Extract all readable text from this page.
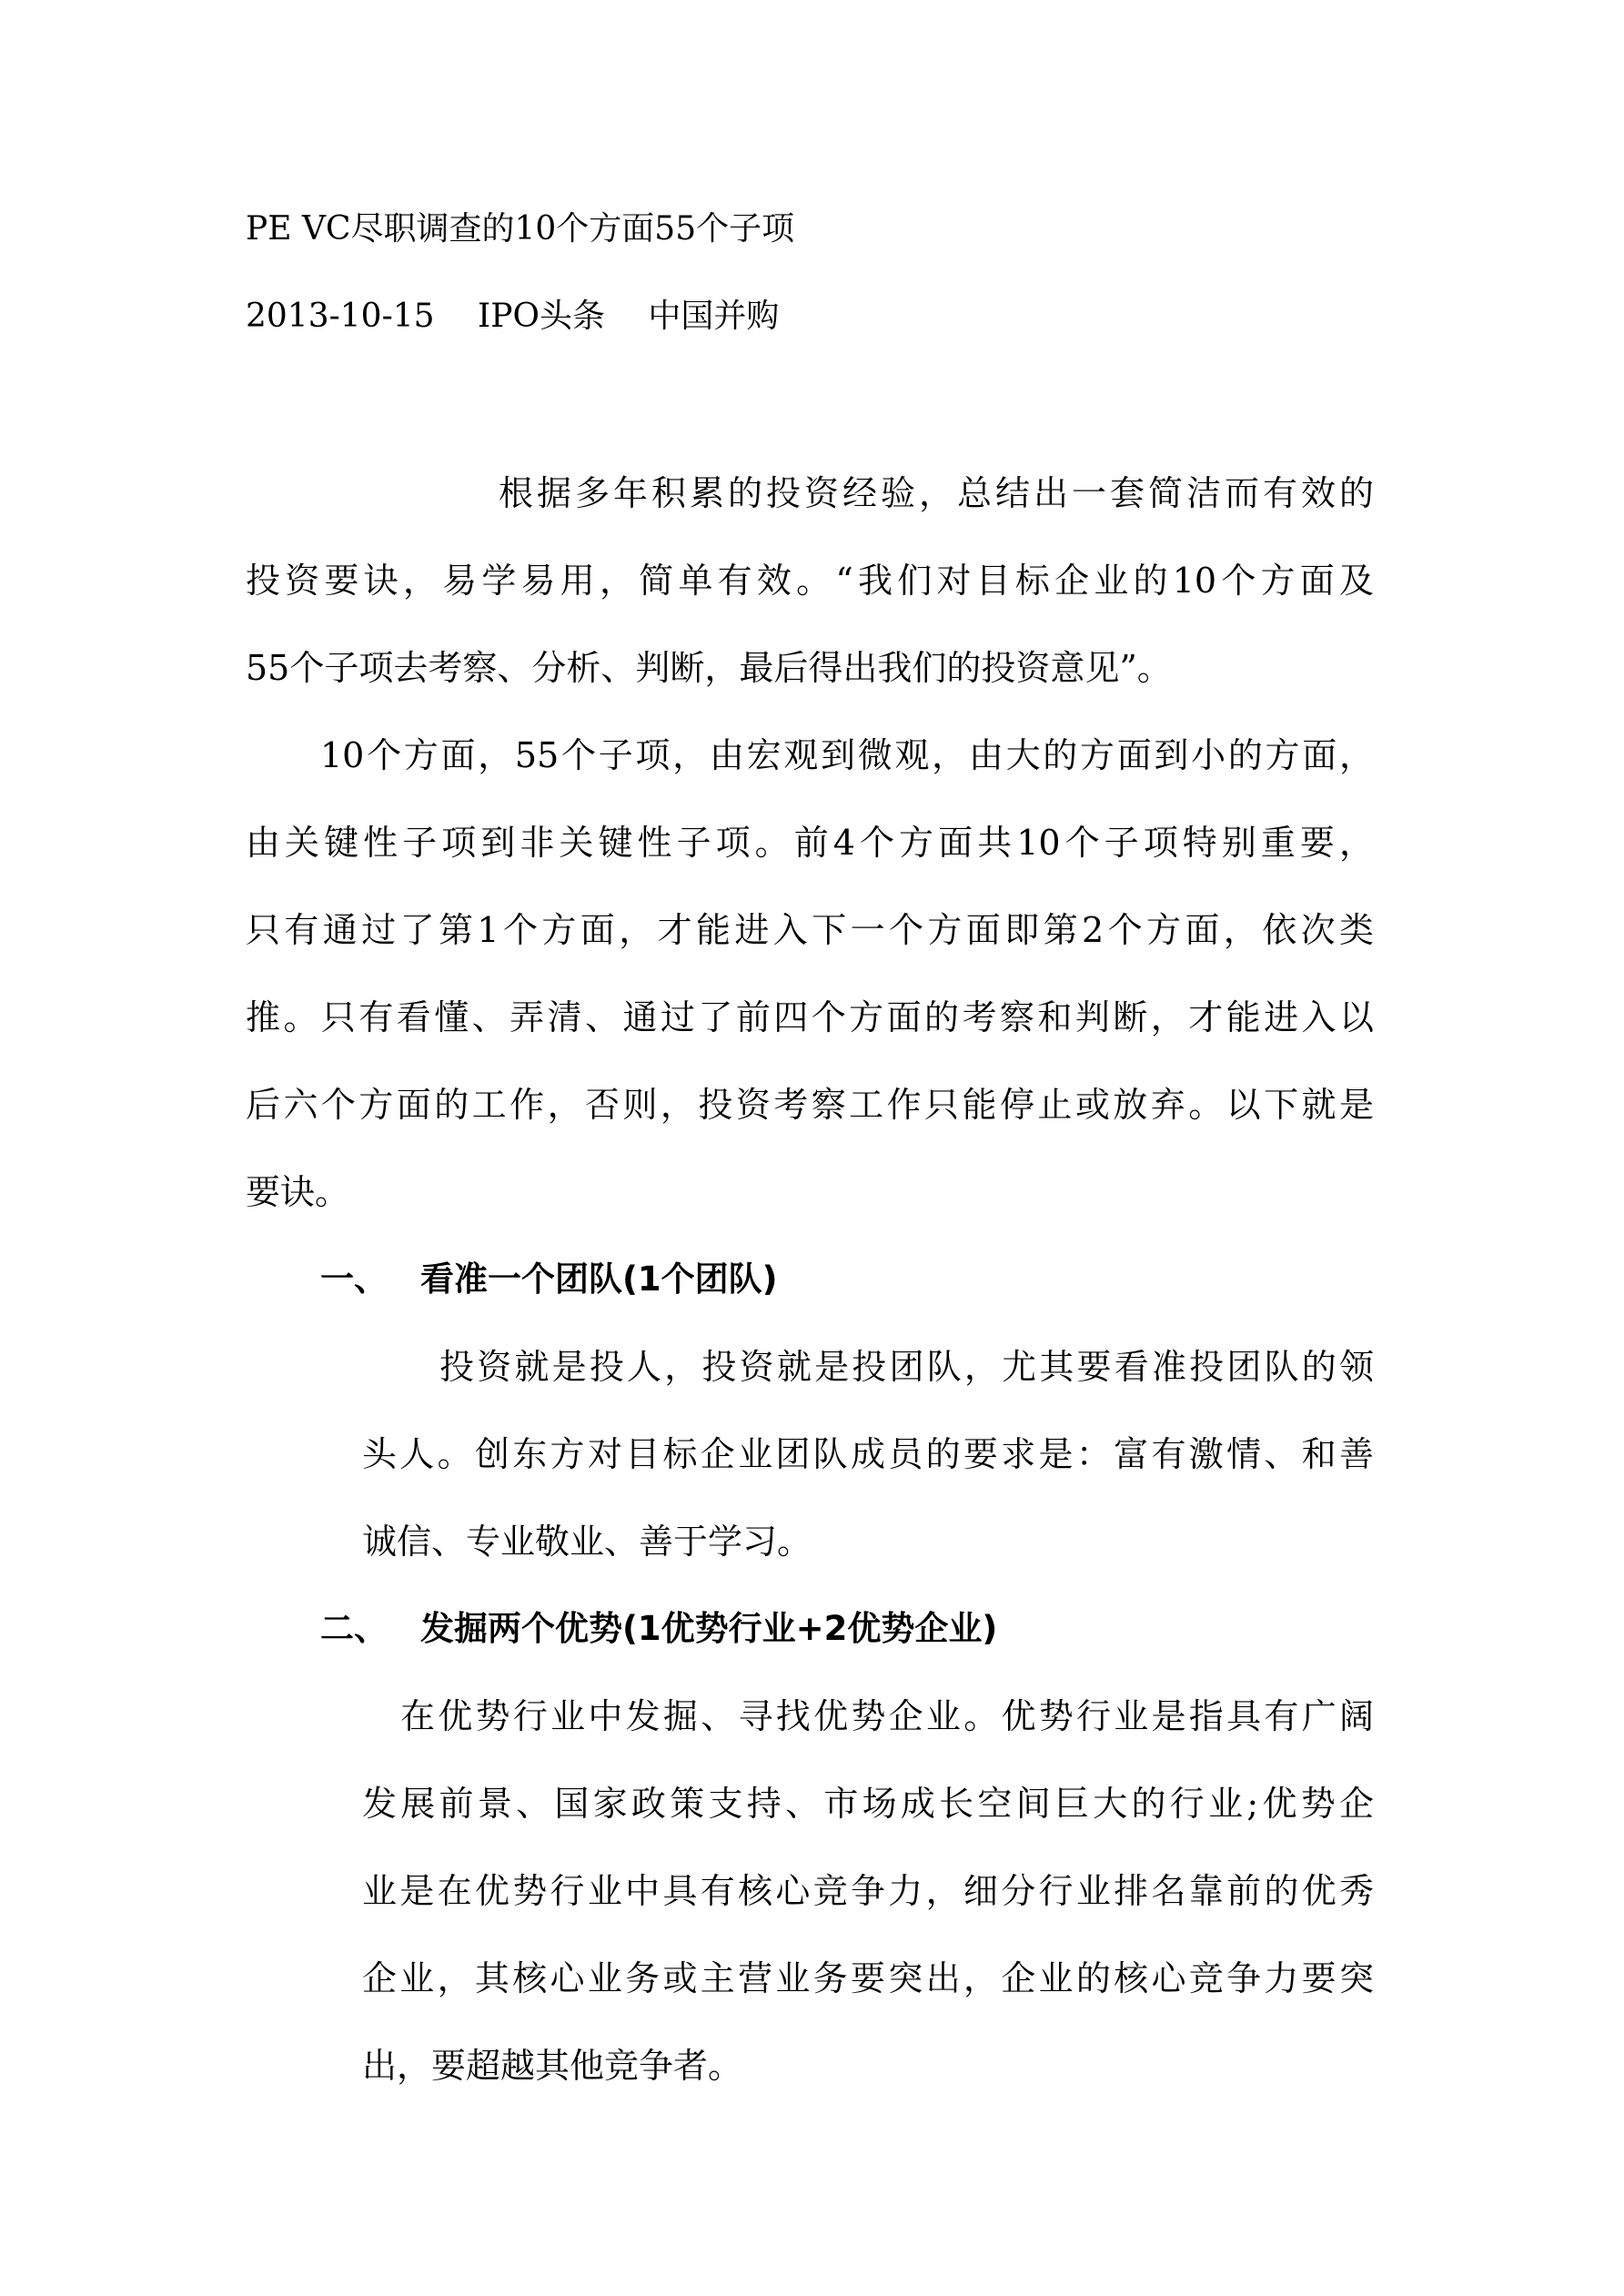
PE VC尽职调查的10个方面55个子项
2013-10-15　 IPO头条　 中国并购
根据多年积累的投资经验，总结出一套简洁而有效的
投资要诀，易学易用，简单有效。“我们对目标企业的10个方面及
55个子项去考察、分析、判断，最后得出我们的投资意见”。
10个方面，55个子项，由宏观到微观，由大的方面到小的方面，
由关键性子项到非关键性子项。前4个方面共10个子项特别重要，
只有通过了第1个方面，才能进入下一个方面即第2个方面，依次类
推。只有看懂、弄清、通过了前四个方面的考察和判断，才能进入以
后六个方面的工作，否则，投资考察工作只能停止或放弃。以下就是
要诀。
一、 看准一个团队(1个团队)
投资就是投人，投资就是投团队，尤其要看准投团队的领
头人。创东方对目标企业团队成员的要求是：富有激情、和善
诚信、专业敬业、善于学习。
二、 发掘两个优势(1优势行业+2优势企业)
在优势行业中发掘、寻找优势企业。优势行业是指具有广阔
发展前景、国家政策支持、市场成长空间巨大的行业;优势企
业是在优势行业中具有核心竞争力，细分行业排名靠前的优秀
企业，其核心业务或主营业务要突出，企业的核心竞争力要突
出，要超越其他竞争者。
